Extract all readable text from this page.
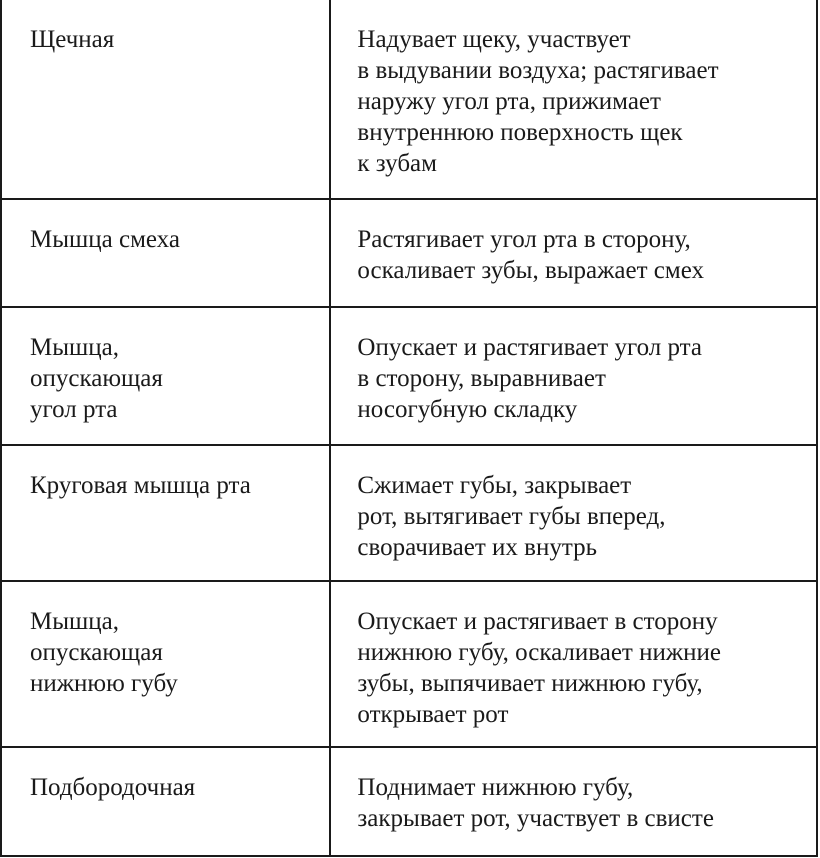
Щечная	Надувает щеку, участвует
в выдувании воздуха; растягивает
наружу угол рта, прижимает
внутреннюю поверхность щек
к зубам

Мышца смеха	Растягивает угол рта в сторону,
оскаливает зубы, выражает смех

Мышца,
опускающая
угол рта	Опускает и растягивает угол рта
в сторону, выравнивает
носогубную складку

Круговая мышца рта	Сжимает губы, закрывает
рот, вытягивает губы вперед,
сворачивает их внутрь

Мышца,
опускающая
нижнюю губу	Опускает и растягивает в сторону
нижнюю губу, оскаливает нижние
зубы, выпячивает нижнюю губу,
открывает рот

Подбородочная	Поднимает нижнюю губу,
закрывает рот, участвует в свисте
